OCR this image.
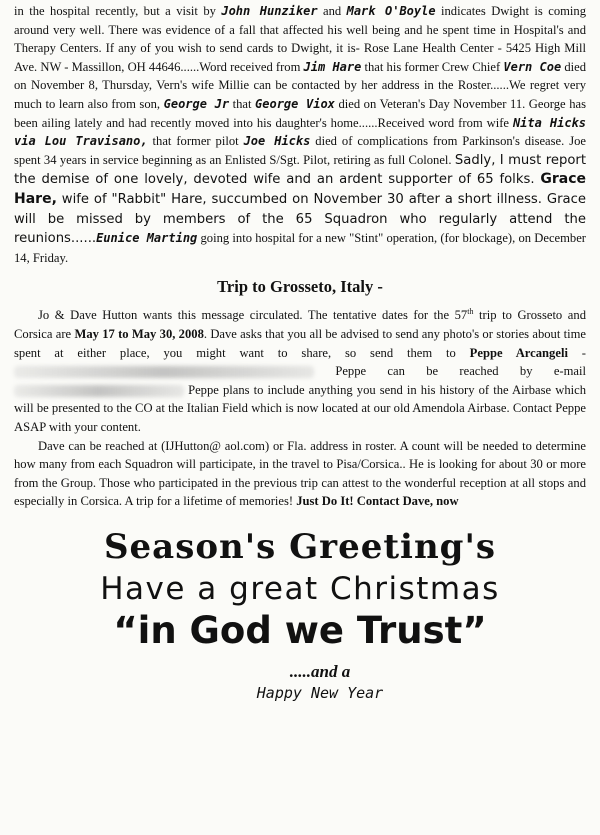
in the hospital recently, but a visit by John Hunziker and Mark O'Boyle indicates Dwight is coming around very well. There was evidence of a fall that affected his well being and he spent time in Hospital's and Therapy Centers. If any of you wish to send cards to Dwight, it is- Rose Lane Health Center - 5425 High Mill Ave. NW - Massillon, OH 44646......Word received from Jim Hare that his former Crew Chief Vern Coe died on November 8, Thursday, Vern's wife Millie can be contacted by her address in the Roster......We regret very much to learn also from son, George Jr that George Viox died on Veteran's Day November 11. George has been ailing lately and had recently moved into his daughter's home......Received word from wife Nita Hicks via Lou Travisano, that former pilot Joe Hicks died of complications from Parkinson's disease. Joe spent 34 years in service beginning as an Enlisted S/Sgt. Pilot, retiring as full Colonel. Sadly, I must report the demise of one lovely, devoted wife and an ardent supporter of 65 folks. Grace Hare, wife of "Rabbit" Hare, succumbed on November 30 after a short illness. Grace will be missed by members of the 65 Squadron who regularly attend the reunions......Eunice Marting going into hospital for a new "Stint" operation, (for blockage), on December 14, Friday.

Trip to Grosseto, Italy -

Jo & Dave Hutton wants this message circulated. The tentative dates for the 57th trip to Grosseto and Corsica are May 17 to May 30, 2008. Dave asks that you all be advised to send any photo's or stories about time spent at either place, you might want to share, so send them to Peppe Arcangeli -  Peppe can be reached by e-mail  Peppe plans to include anything you send in his history of the Airbase which will be presented to the CO at the Italian Field which is now located at our old Amendola Airbase. Contact Peppe ASAP with your content.

Dave can be reached at (IJHutton@ aol.com) or Fla. address in roster. A count will be needed to determine how many from each Squadron will participate, in the travel to Pisa/Corsica.. He is looking for about 30 or more from the Group. Those who participated in the previous trip can attest to the wonderful reception at all stops and especially in Corsica. A trip for a lifetime of memories! Just Do It! Contact Dave, now

Season's Greeting's
Have a great Christmas
“in God we Trust”
.....and a
Happy New Year
